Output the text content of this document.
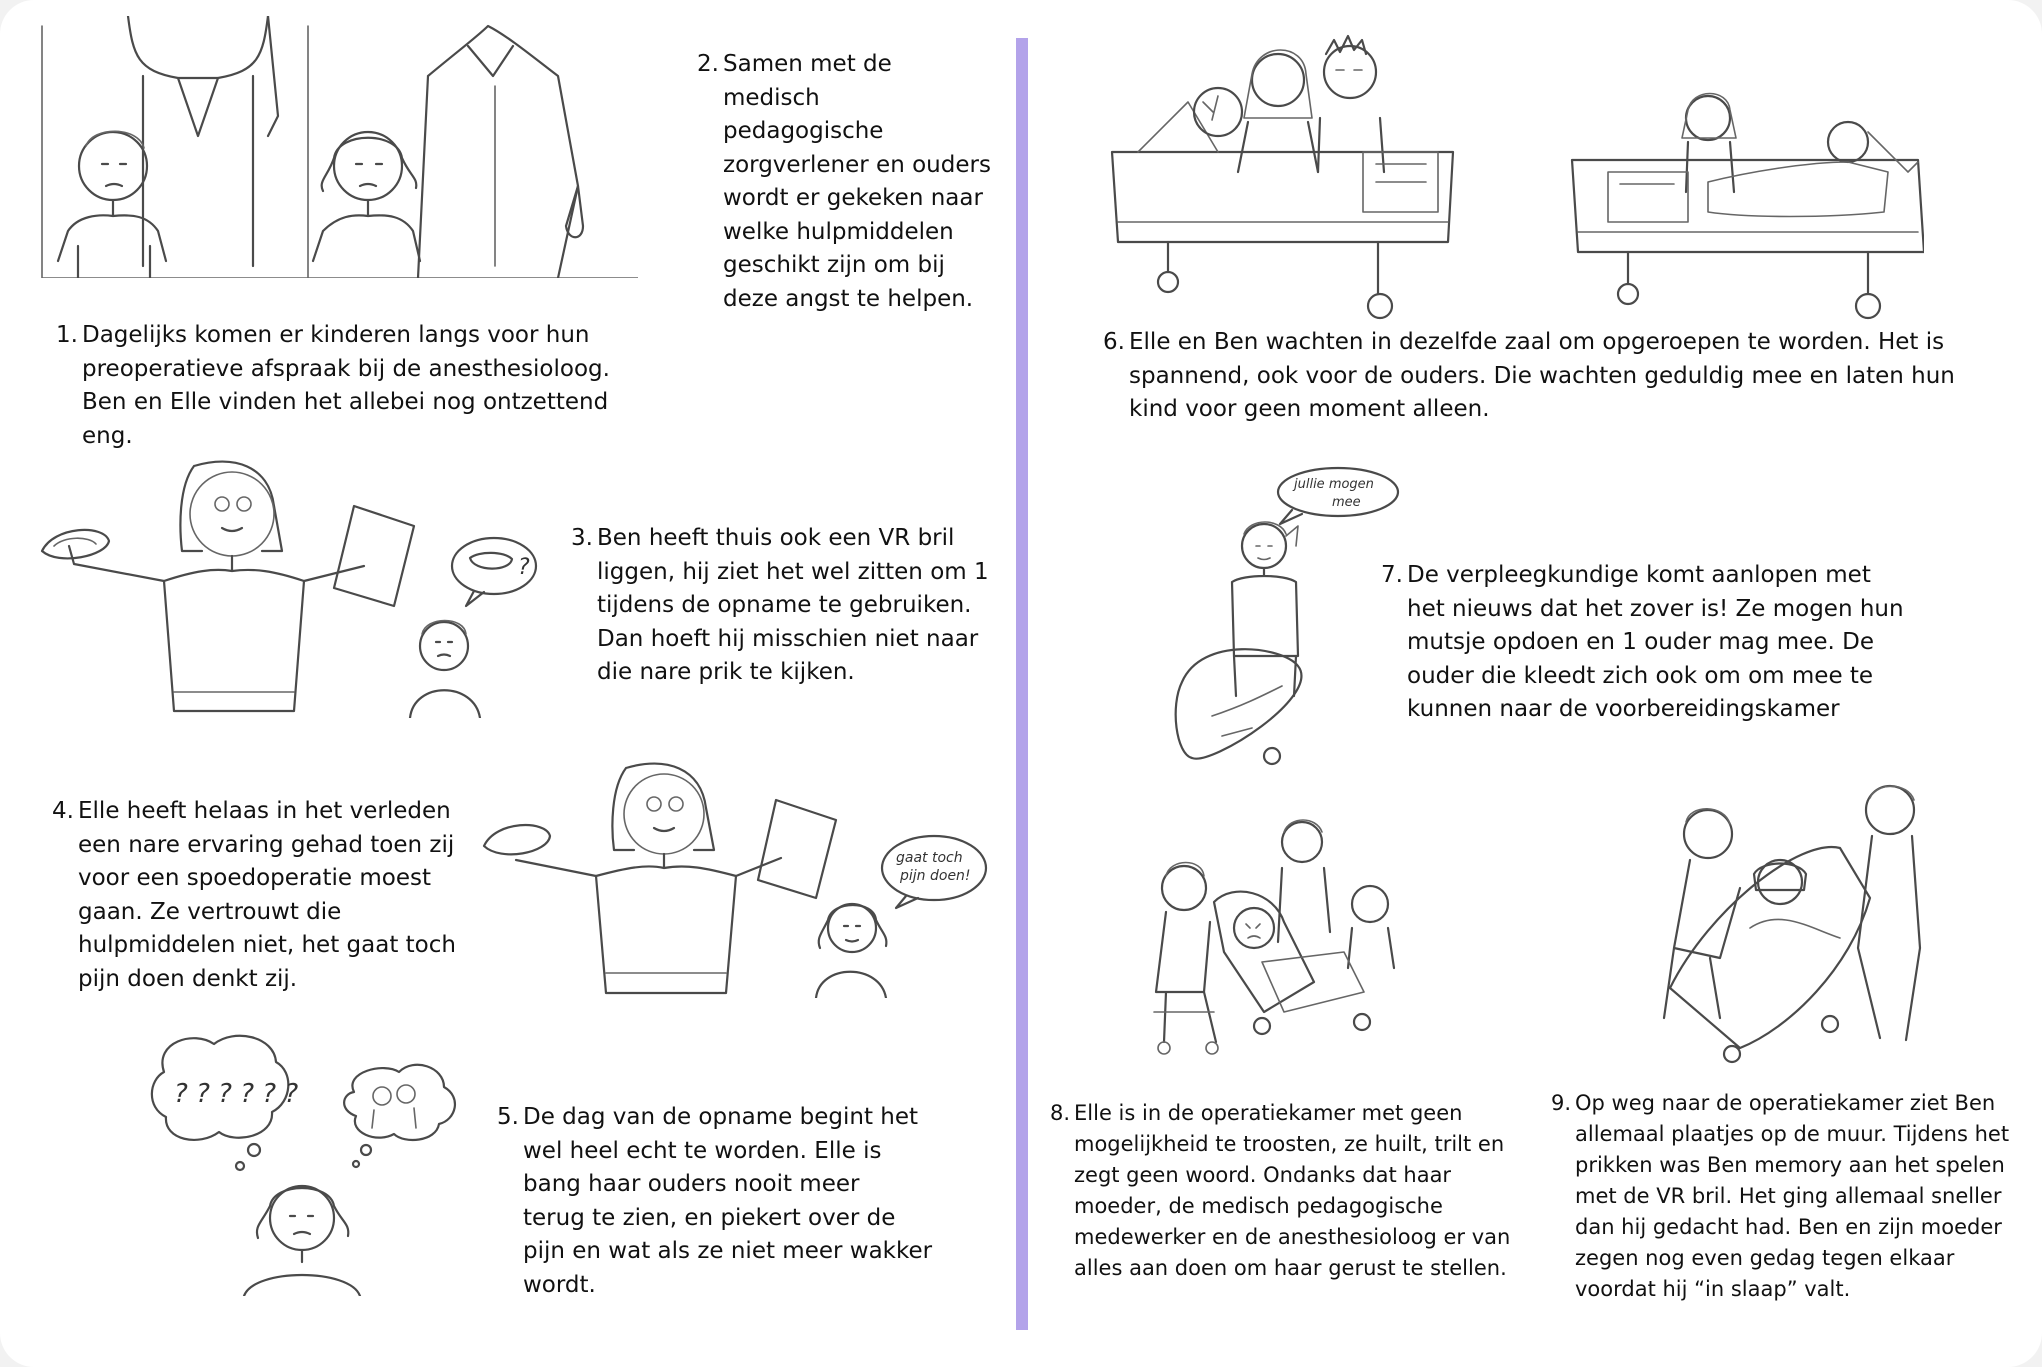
?
gaat toch
pijn doen!
? ? ? ? ? ?
jullie mogen
mee
2. Samen met de
medisch
pedagogische
zorgverlener en ouders
wordt er gekeken naar
welke hulpmiddelen
geschikt zijn om bij
deze angst te helpen.
1. Dagelijks komen er kinderen langs voor hun
preoperatieve afspraak bij de anesthesioloog.
Ben en Elle vinden het allebei nog ontzettend
eng.
3. Ben heeft thuis ook een VR bril
liggen, hij ziet het wel zitten om 1
tijdens de opname te gebruiken.
Dan hoeft hij misschien niet naar
die nare prik te kijken.
4. Elle heeft helaas in het verleden
een nare ervaring gehad toen zij
voor een spoedoperatie moest
gaan. Ze vertrouwt die
hulpmiddelen niet, het gaat toch
pijn doen denkt zij.
5. De dag van de opname begint het
wel heel echt te worden. Elle is
bang haar ouders nooit meer
terug te zien, en piekert over de
pijn en wat als ze niet meer wakker
wordt.
6. Elle en Ben wachten in dezelfde zaal om opgeroepen te worden. Het is
spannend, ook voor de ouders. Die wachten geduldig mee en laten hun
kind voor geen moment alleen.
7. De verpleegkundige komt aanlopen met
het nieuws dat het zover is! Ze mogen hun
mutsje opdoen en 1 ouder mag mee. De
ouder die kleedt zich ook om om mee te
kunnen naar de voorbereidingskamer
8. Elle is in de operatiekamer met geen
mogelijkheid te troosten, ze huilt, trilt en
zegt geen woord. Ondanks dat haar
moeder, de medisch pedagogische
medewerker en de anesthesioloog er van
alles aan doen om haar gerust te stellen.
9. Op weg naar de operatiekamer ziet Ben
allemaal plaatjes op de muur. Tijdens het
prikken was Ben memory aan het spelen
met de VR bril. Het ging allemaal sneller
dan hij gedacht had. Ben en zijn moeder
zegen nog even gedag tegen elkaar
voordat hij “in slaap” valt.
